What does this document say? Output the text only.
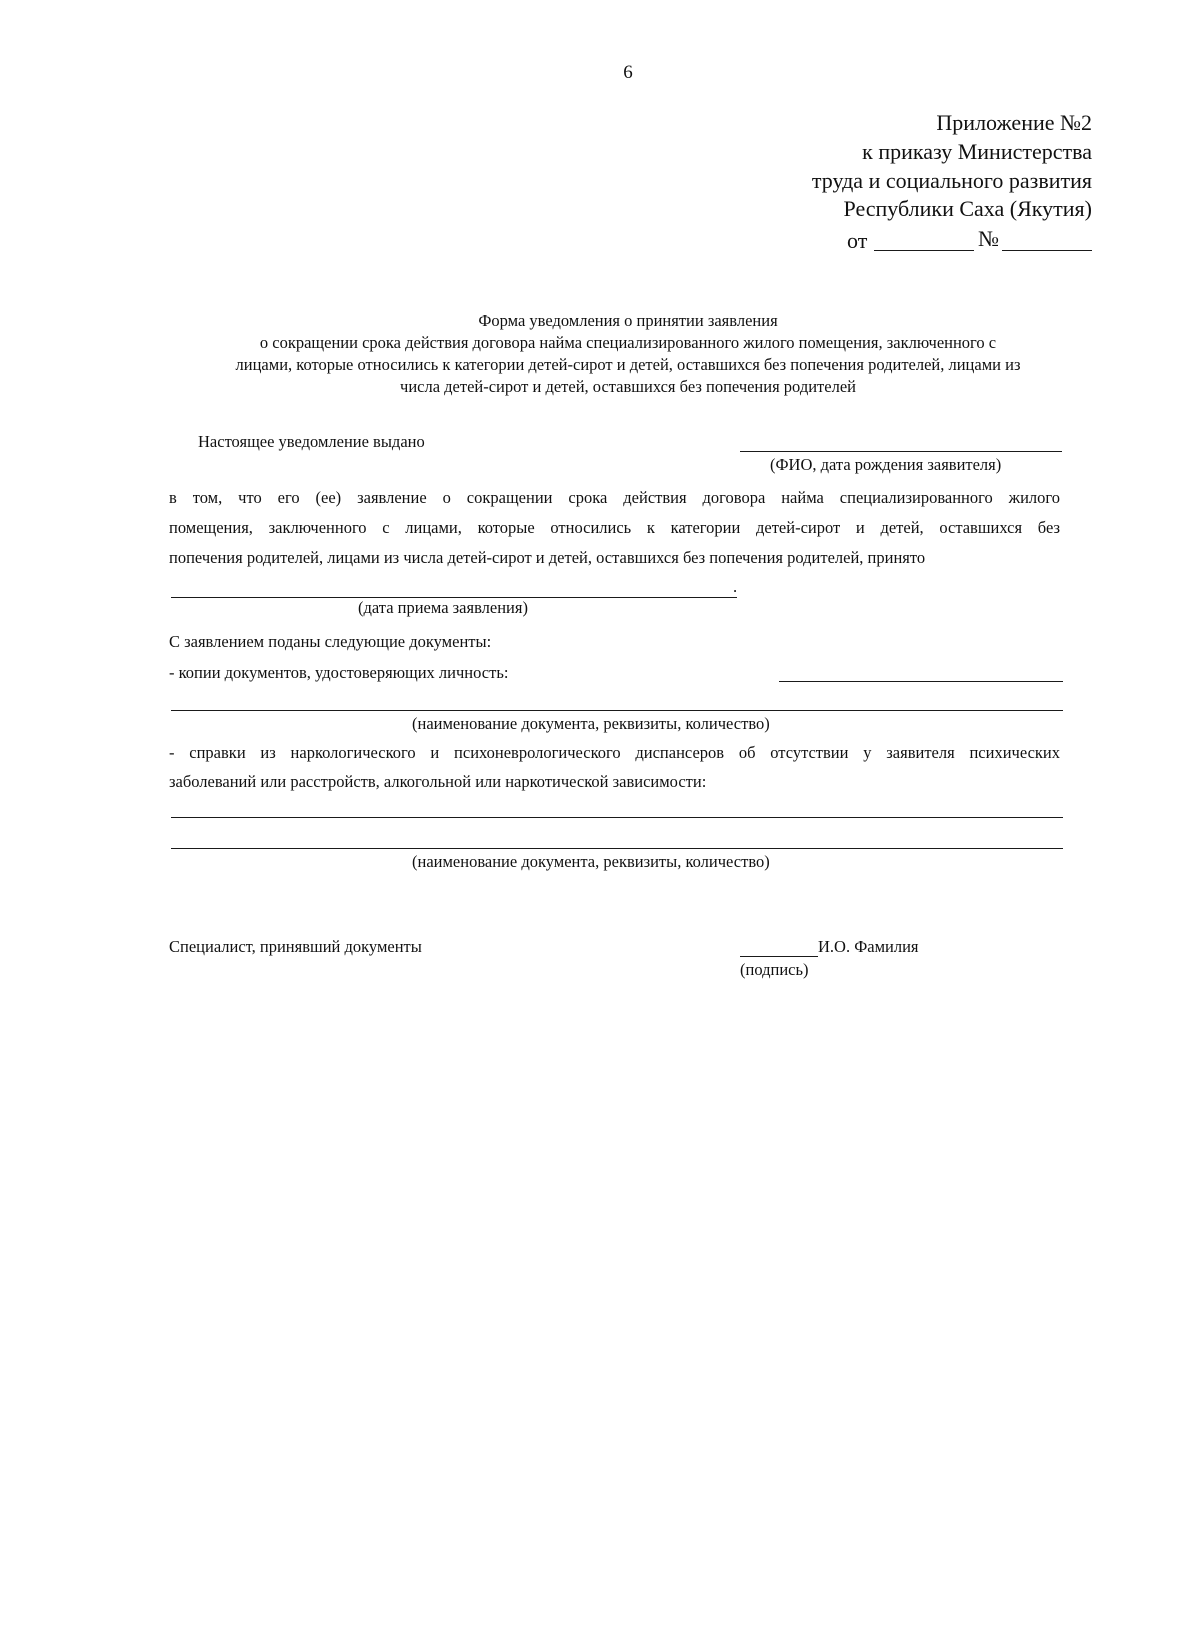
6
Приложение №2
к приказу Министерства
труда и социального развития
Республики Саха (Якутия)
от	№
Форма уведомления о принятии заявления
о сокращении срока действия договора найма специализированного жилого помещения, заключенного с
лицами, которые относились к категории детей-сирот и детей, оставшихся без попечения родителей, лицами из
числа детей-сирот и детей, оставшихся без попечения родителей
Настоящее уведомление выдано
(ФИО, дата рождения заявителя)
в том, что его (ее) заявление о сокращении срока действия договора найма специализированного жилого
помещения, заключенного с лицами, которые относились к категории детей-сирот и детей, оставшихся без
попечения родителей, лицами из числа детей-сирот и детей, оставшихся без попечения родителей, принято
.
(дата приема заявления)
С заявлением поданы следующие документы:
- копии документов, удостоверяющих личность:
(наименование документа, реквизиты, количество)
- справки из наркологического и психоневрологического диспансеров об отсутствии у заявителя психических
заболеваний или расстройств, алкогольной или наркотической зависимости:
(наименование документа, реквизиты, количество)
Специалист, принявший документы	И.О. Фамилия
(подпись)
